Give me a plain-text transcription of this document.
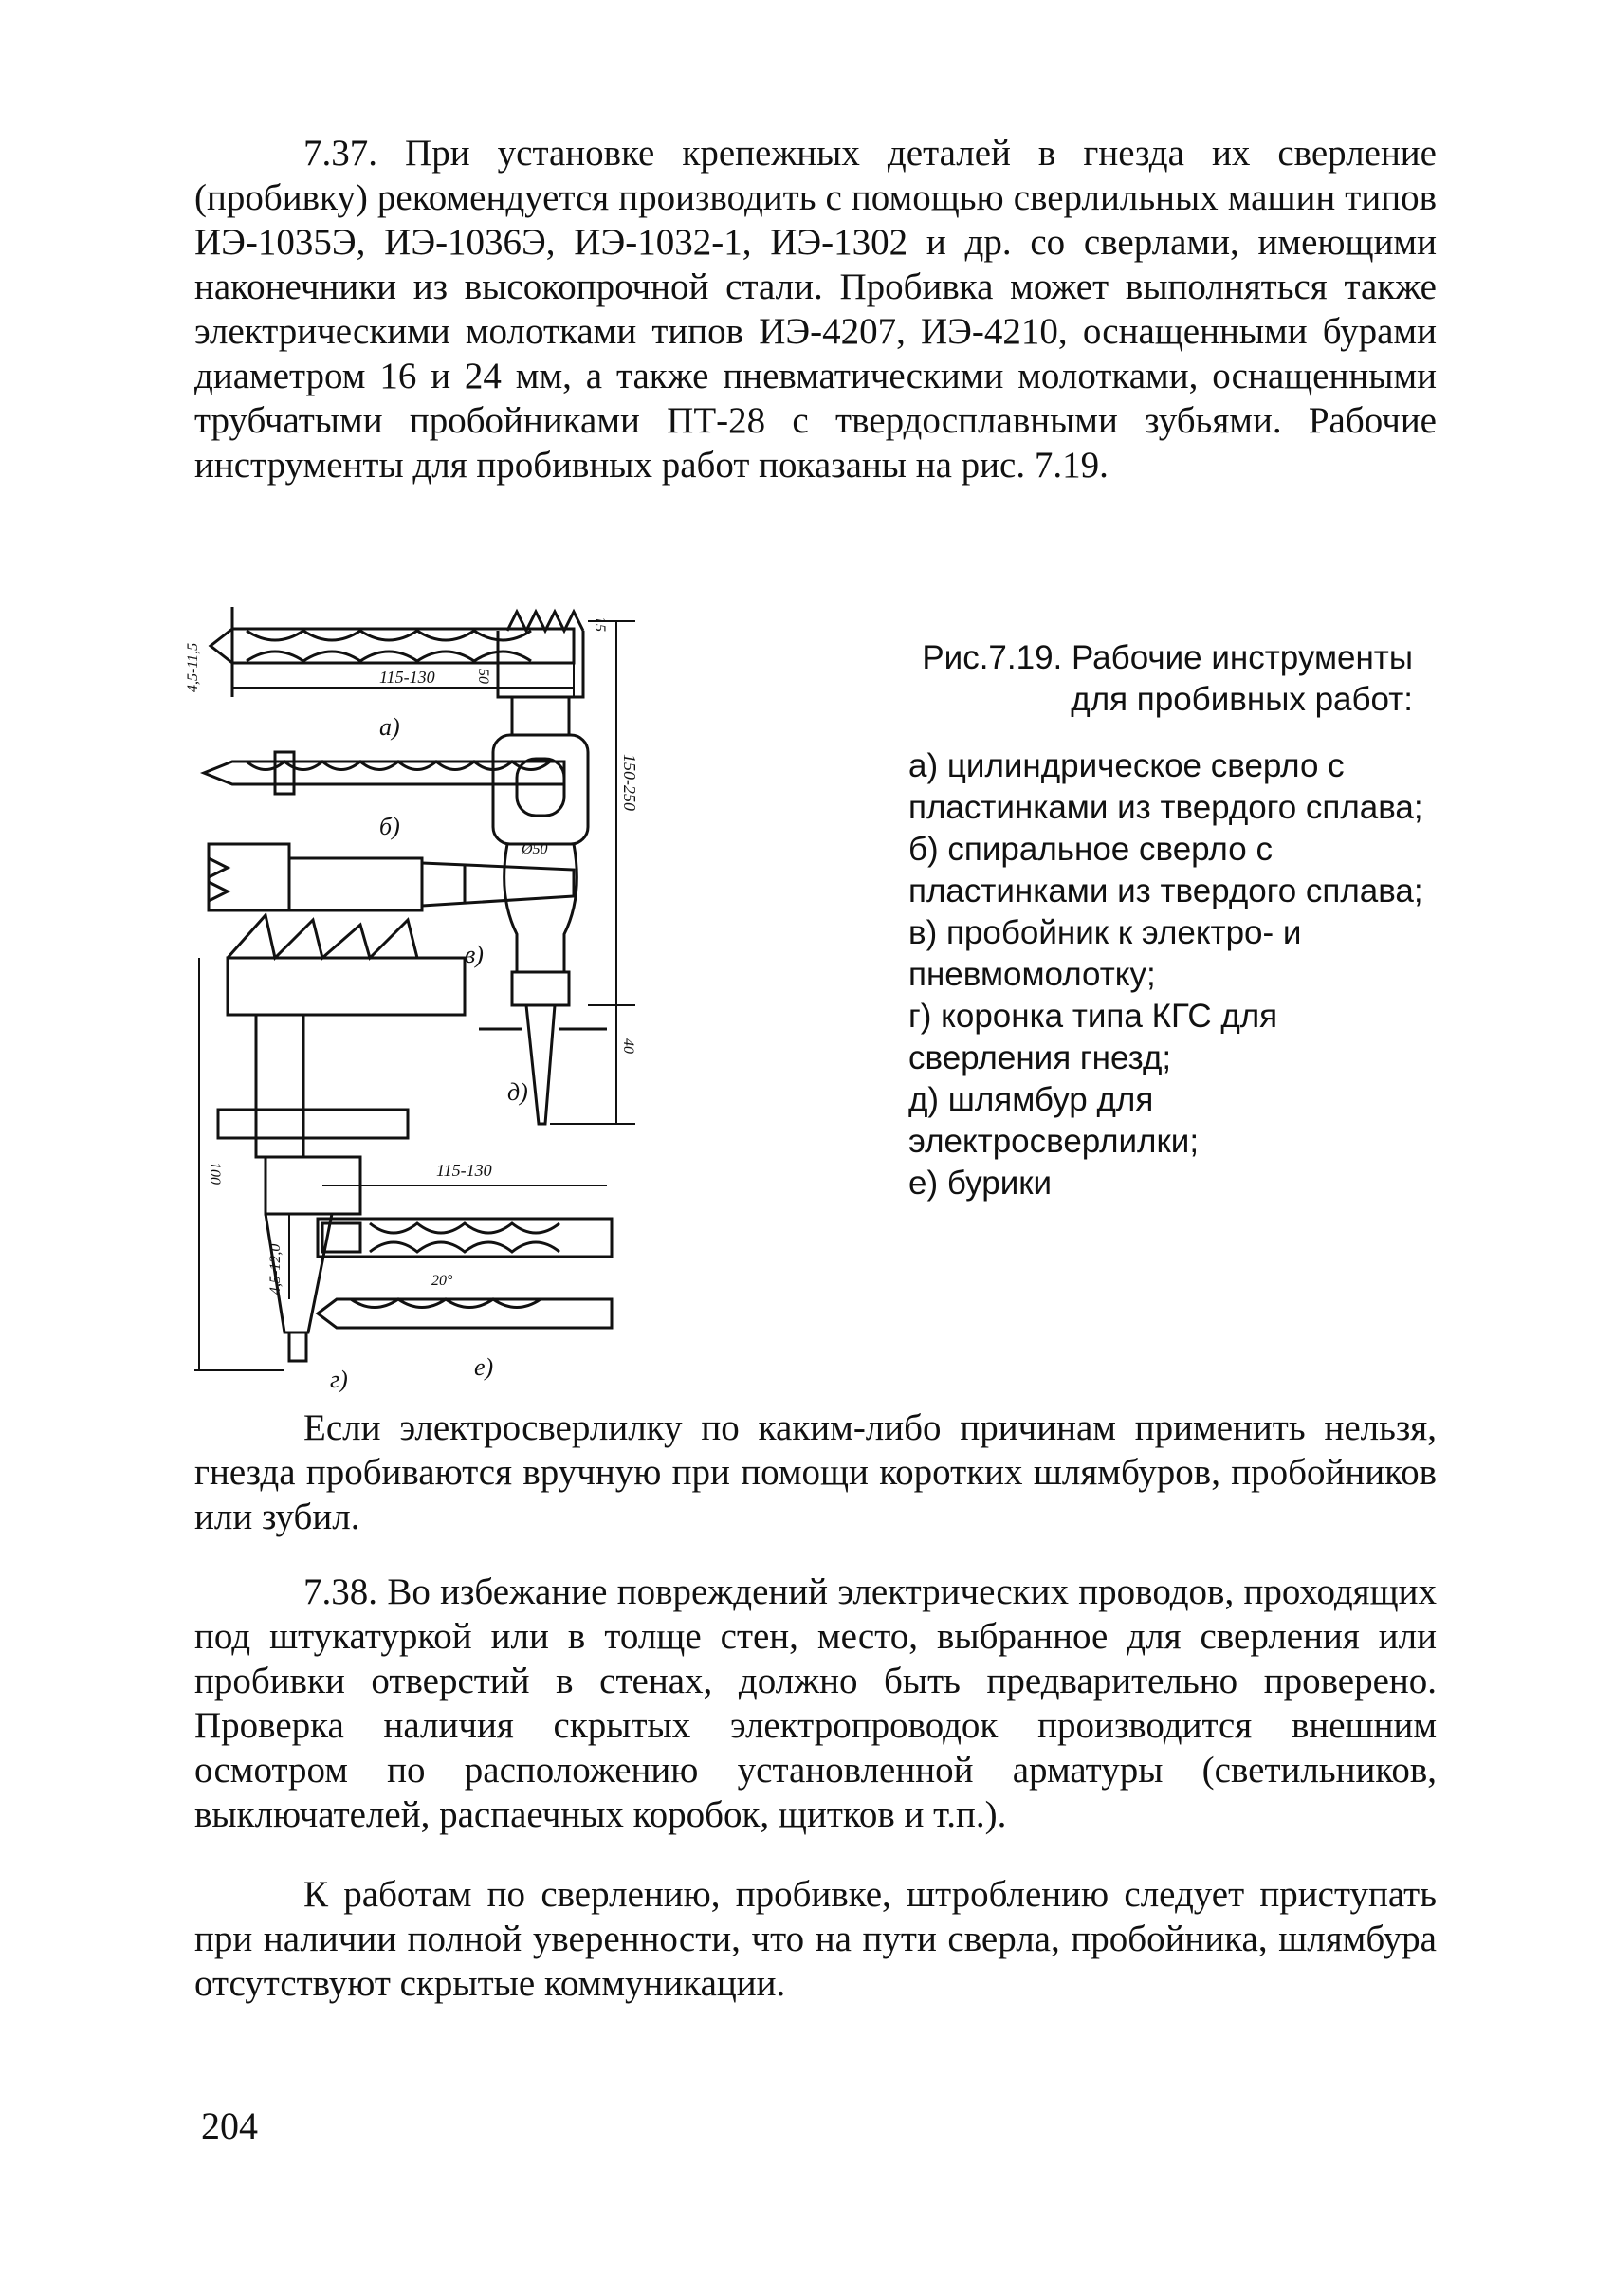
7.37. При установке крепежных деталей в гнезда их сверление (пробивку) рекомендуется производить с помощью сверлильных машин типов ИЭ-1035Э, ИЭ-1036Э, ИЭ-1032-1, ИЭ-1302 и др. со сверлами, имеющими наконечники из высокопрочной стали. Пробивка может выполняться также электрическими молотками типов ИЭ-4207, ИЭ-4210, оснащенными бурами диаметром 16 и 24 мм, а также пневматическими молотками, оснащенными трубчатыми пробойниками ПТ-28 с твердосплавными зубьями. Рабочие инструменты для пробивных работ показаны на рис. 7.19.

а)
б)
в)
г)
д)
е)
115-130
4,5-11,5
15
50
Ø50
150-250
40
100	115-130
4,5-12,0	20°
Рис.7.19. Рабочие инструменты
для пробивных работ:
а) цилиндрическое сверло с пластинками из твердого сплава;
б) спиральное сверло с пластинками из твердого сплава;
в) пробойник к электро- и пневмомолотку;
г) коронка типа КГС для сверления гнезд;
д) шлямбур для электросверлилки;
е) бурики

Если электросверлилку по каким-либо причинам применить нельзя, гнезда пробиваются вручную при помощи коротких шлямбуров, пробойников или зубил.

7.38. Во избежание повреждений электрических проводов, проходящих под штукатуркой или в толще стен, место, выбранное для сверления или пробивки отверстий в стенах, должно быть предварительно проверено. Проверка наличия скрытых электропроводок производится внешним осмотром по расположению установленной арматуры (светильников, выключателей, распаечных коробок, щитков и т.п.).

К работам по сверлению, пробивке, штроблению следует приступать при наличии полной уверенности, что на пути сверла, пробойника, шлямбура отсутствуют скрытые коммуникации.

204
